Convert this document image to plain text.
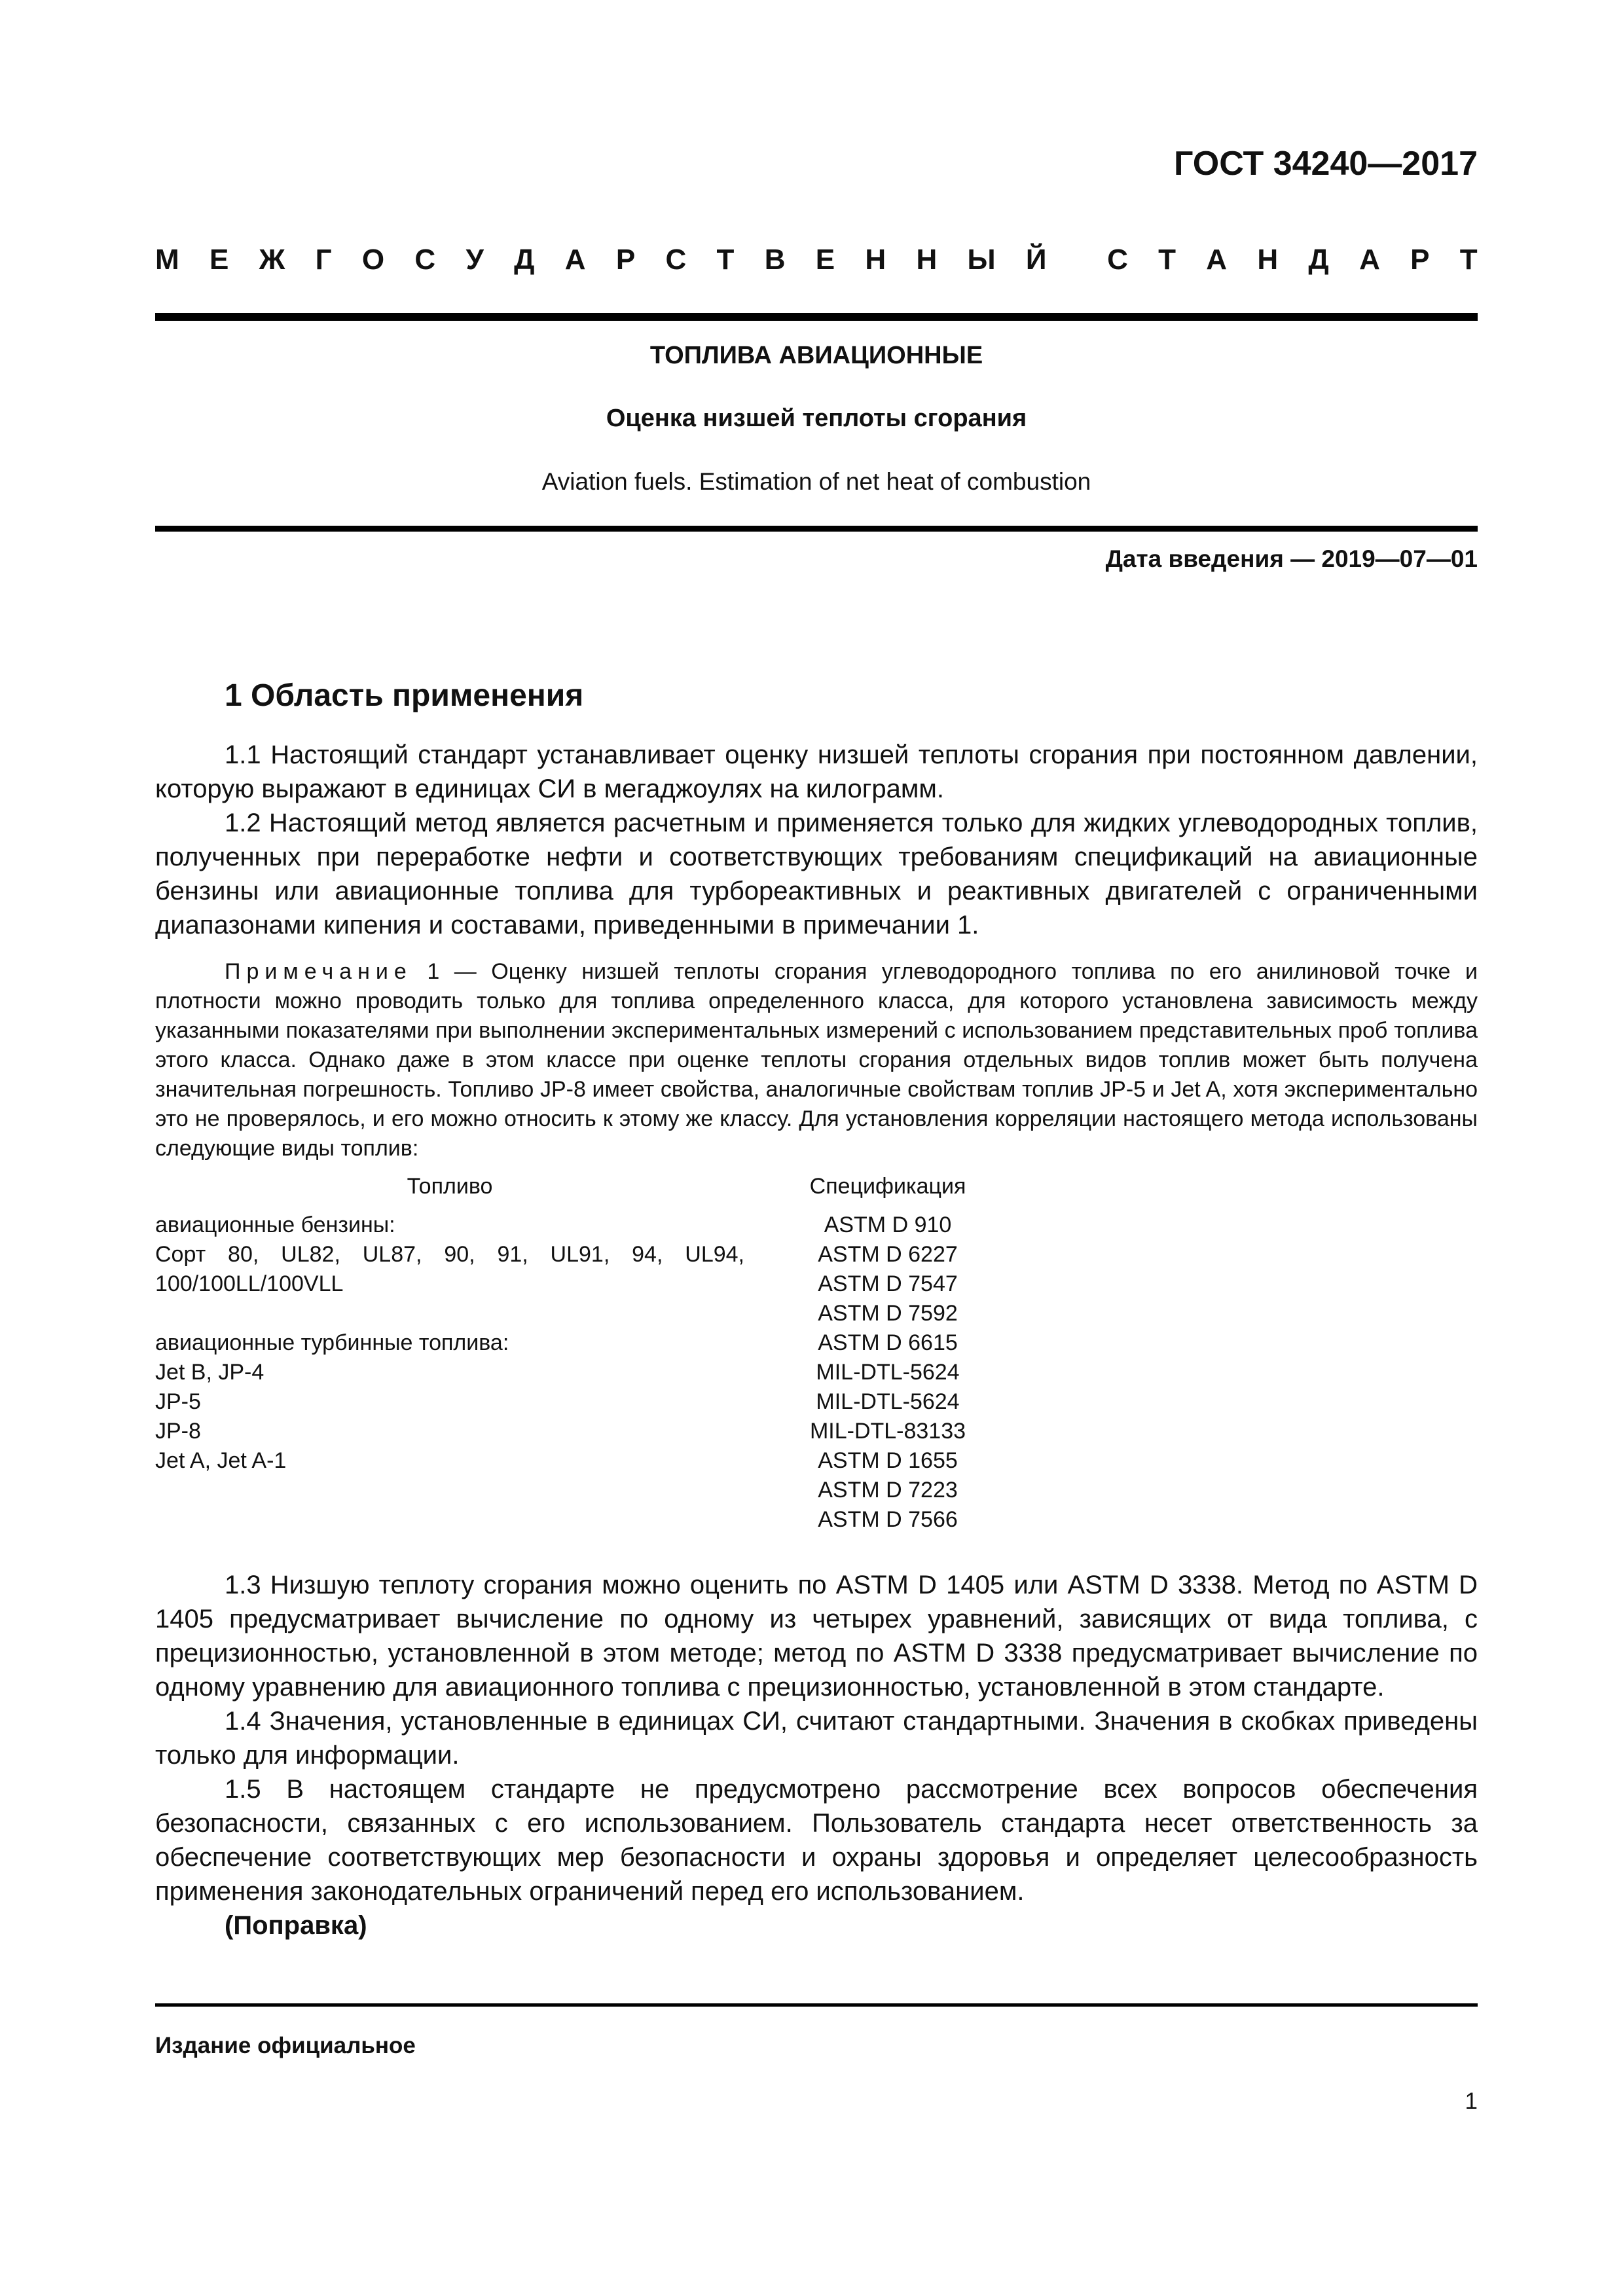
ГОСТ 34240—2017
М Е Ж Г О С У Д А Р С Т В Е Н Н Ы Й С Т А Н Д А Р Т
ТОПЛИВА АВИАЦИОННЫЕ
Оценка низшей теплоты сгорания
Aviation fuels. Estimation of net heat of combustion
Дата введения — 2019—07—01
1 Область применения

1.1 Настоящий стандарт устанавливает оценку низшей теплоты сгорания при постоянном давлении, которую выражают в единицах СИ в мегаджоулях на килограмм.

1.2 Настоящий метод является расчетным и применяется только для жидких углеводородных топлив, полученных при переработке нефти и соответствующих требованиям спецификаций на авиационные бензины или авиационные топлива для турбореактивных и реактивных двигателей с ограниченными диапазонами кипения и составами, приведенными в примечании 1.

Примечание 1 — Оценку низшей теплоты сгорания углеводородного топлива по его анилиновой точке и плотности можно проводить только для топлива определенного класса, для которого установлена зависимость между указанными показателями при выполнении экспериментальных измерений с использованием представительных проб топлива этого класса. Однако даже в этом классе при оценке теплоты сгорания отдельных видов топлив может быть получена значительная погрешность. Топливо JP-8 имеет свойства, аналогичные свойствам топлив JP-5 и Jet A, хотя экспериментально это не проверялось, и его можно относить к этому же классу. Для установления корреляции настоящего метода использованы следующие виды топлив:

Топливо	Спецификация
авиационные бензины:	ASTM D 910

Сорт 80, UL82, UL87, 90, 91, UL91, 94, UL94,	ASTM D 6227
100/100LL/100VLL	ASTM D 7547
	ASTM D 7592
авиационные турбинные топлива:	ASTM D 6615
Jet B, JP-4	MIL-DTL-5624
JP-5	MIL-DTL-5624
JP-8	MIL-DTL-83133
Jet A, Jet A-1	ASTM D 1655
	ASTM D 7223
	ASTM D 7566

1.3 Низшую теплоту сгорания можно оценить по ASTM D 1405 или ASTM D 3338. Метод по ASTM D 1405 предусматривает вычисление по одному из четырех уравнений, зависящих от вида топлива, с прецизионностью, установленной в этом методе; метод по ASTM D 3338 предусматривает вычисление по одному уравнению для авиационного топлива с прецизионностью, установленной в этом стандарте.

1.4 Значения, установленные в единицах СИ, считают стандартными. Значения в скобках приведены только для информации.

1.5 В настоящем стандарте не предусмотрено рассмотрение всех вопросов обеспечения безопасности, связанных с его использованием. Пользователь стандарта несет ответственность за обеспечение соответствующих мер безопасности и охраны здоровья и определяет целесообразность применения законодательных ограничений перед его использованием.

(Поправка)

Издание официальное
1
